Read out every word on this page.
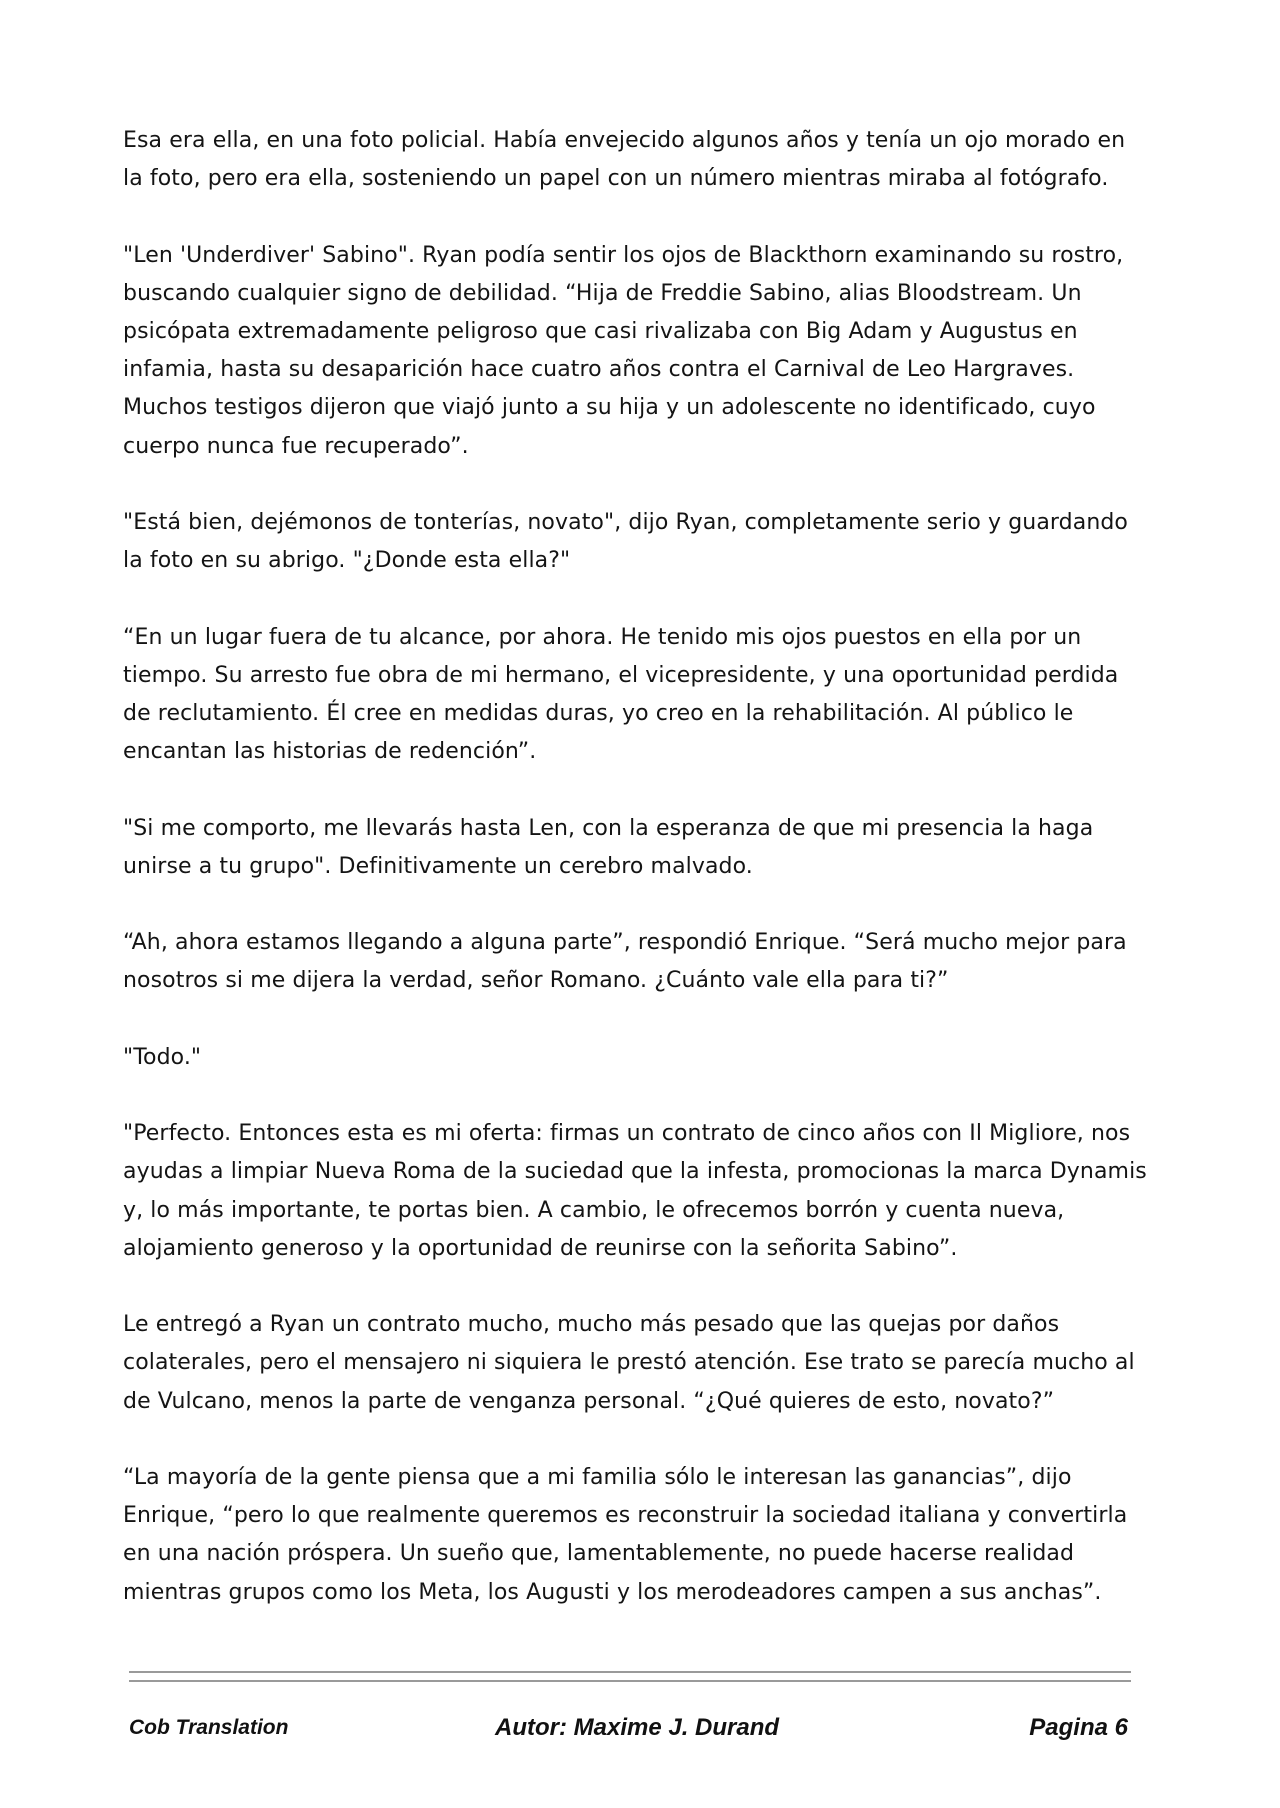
Esa era ella, en una foto policial. Había envejecido algunos años y tenía un ojo morado en la foto, pero era ella, sosteniendo un papel con un número mientras miraba al fotógrafo.

"Len 'Underdiver' Sabino". Ryan podía sentir los ojos de Blackthorn examinando su rostro, buscando cualquier signo de debilidad. “Hija de Freddie Sabino, alias Bloodstream. Un psicópata extremadamente peligroso que casi rivalizaba con Big Adam y Augustus en infamia, hasta su desaparición hace cuatro años contra el Carnival de Leo Hargraves. Muchos testigos dijeron que viajó junto a su hija y un adolescente no identificado, cuyo cuerpo nunca fue recuperado”.

"Está bien, dejémonos de tonterías, novato", dijo Ryan, completamente serio y guardando la foto en su abrigo. "¿Donde esta ella?"

“En un lugar fuera de tu alcance, por ahora. He tenido mis ojos puestos en ella por un tiempo. Su arresto fue obra de mi hermano, el vicepresidente, y una oportunidad perdida de reclutamiento. Él cree en medidas duras, yo creo en la rehabilitación. Al público le encantan las historias de redención”.

"Si me comporto, me llevarás hasta Len, con la esperanza de que mi presencia la haga unirse a tu grupo". Definitivamente un cerebro malvado.

“Ah, ahora estamos llegando a alguna parte”, respondió Enrique. “Será mucho mejor para nosotros si me dijera la verdad, señor Romano. ¿Cuánto vale ella para ti?”

"Todo."

"Perfecto. Entonces esta es mi oferta: firmas un contrato de cinco años con Il Migliore, nos ayudas a limpiar Nueva Roma de la suciedad que la infesta, promocionas la marca Dynamis y, lo más importante, te portas bien. A cambio, le ofrecemos borrón y cuenta nueva, alojamiento generoso y la oportunidad de reunirse con la señorita Sabino”.

Le entregó a Ryan un contrato mucho, mucho más pesado que las quejas por daños colaterales, pero el mensajero ni siquiera le prestó atención. Ese trato se parecía mucho al de Vulcano, menos la parte de venganza personal. “¿Qué quieres de esto, novato?”

“La mayoría de la gente piensa que a mi familia sólo le interesan las ganancias”, dijo Enrique, “pero lo que realmente queremos es reconstruir la sociedad italiana y convertirla en una nación próspera. Un sueño que, lamentablemente, no puede hacerse realidad mientras grupos como los Meta, los Augusti y los merodeadores campen a sus anchas”.

Cob Translation	Autor: Maxime J. Durand	Pagina 6
